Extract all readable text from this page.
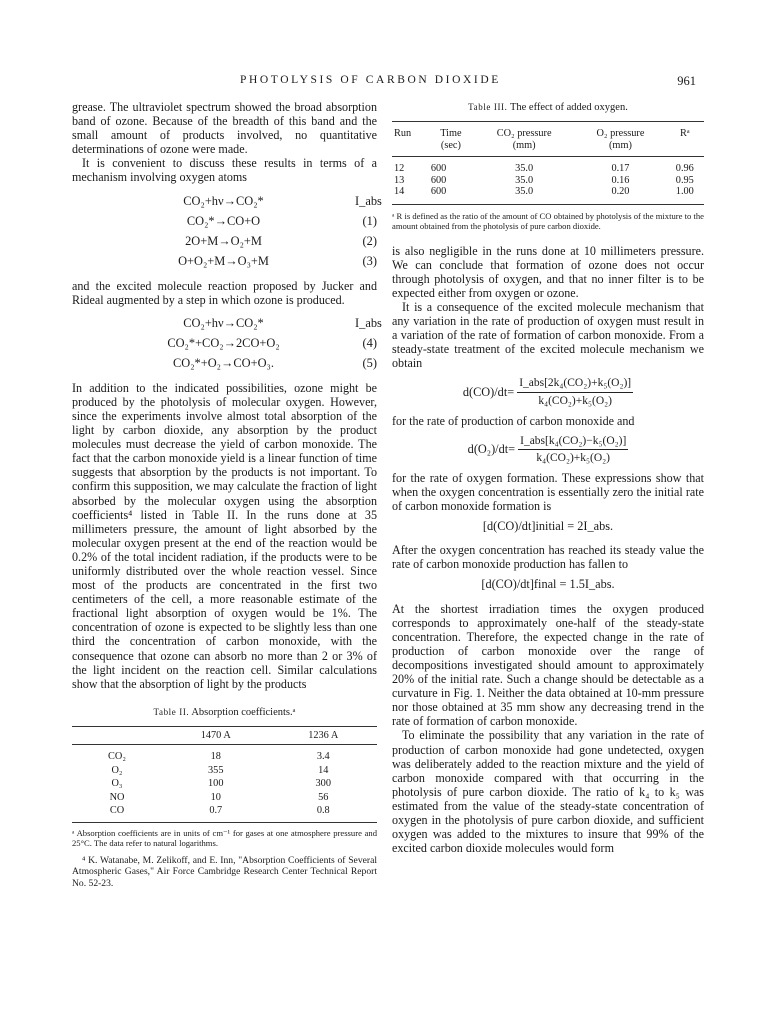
PHOTOLYSIS OF CARBON DIOXIDE	961

grease. The ultraviolet spectrum showed the broad absorption band of ozone. Because of the breadth of this band and the small amount of products involved, no quantitative determinations of ozone were made.

It is convenient to discuss these results in terms of a mechanism involving oxygen atoms

CO₂+hν→CO₂*	I_abs
CO₂*→CO+O	(1)
2O+M→O₂+M	(2)
O+O₂+M→O₃+M	(3)

and the excited molecule reaction proposed by Jucker and Rideal augmented by a step in which ozone is produced.

CO₂+hν→CO₂*	I_abs
CO₂*+CO₂→2CO+O₂	(4)
CO₂*+O₂→CO+O₃.	(5)

In addition to the indicated possibilities, ozone might be produced by the photolysis of molecular oxygen. However, since the experiments involve almost total absorption of the light by carbon dioxide, any absorption by the product molecules must decrease the yield of carbon monoxide. The fact that the carbon monoxide yield is a linear function of time suggests that absorption by the products is not important. To confirm this supposition, we may calculate the fraction of light absorbed by the molecular oxygen using the absorption coefficients⁴ listed in Table II. In the runs done at 35 millimeters pressure, the amount of light absorbed by the molecular oxygen present at the end of the reaction would be 0.2% of the total incident radiation, if the products were to be uniformly distributed over the whole reaction vessel. Since most of the products are concentrated in the first two centimeters of the cell, a more reasonable estimate of the fractional light absorption of oxygen would be 1%. The concentration of ozone is expected to be slightly less than one third the concentration of carbon monoxide, with the consequence that ozone can absorb no more than 2 or 3% of the light incident on the reaction cell. Similar calculations show that the absorption of light by the products

Table II. Absorption coefficients.ᵃ
	1470 A	1236 A
CO₂	18	3.4
O₂	355	14
O₃	100	300
NO	10	56
CO	0.7	0.8

ᵃ Absorption coefficients are in units of cm⁻¹ for gases at one atmosphere pressure and 25°C. The data refer to natural logarithms.

⁴ K. Watanabe, M. Zelikoff, and E. Inn, "Absorption Coefficients of Several Atmospheric Gases," Air Force Cambridge Research Center Technical Report No. 52-23.

Table III. The effect of added oxygen.
Run	Time	CO₂ pressure	O₂ pressure	Rᵃ
	(sec)	(mm)	(mm)	
12	600	35.0	0.17	0.96
13	600	35.0	0.16	0.95
14	600	35.0	0.20	1.00

ᵃ R is defined as the ratio of the amount of CO obtained by photolysis of the mixture to the amount obtained from the photolysis of pure carbon dioxide.

is also negligible in the runs done at 10 millimeters pressure. We can conclude that formation of ozone does not occur through photolysis of oxygen, and that no inner filter is to be expected either from oxygen or ozone.

It is a consequence of the excited molecule mechanism that any variation in the rate of production of oxygen must result in a variation of the rate of formation of carbon monoxide. From a steady-state treatment of the excited molecule mechanism we obtain

$d(CO)/dt= \frac{\text{I\_abs[2k₄(CO₂)+k₅(O₂)]}}{\text{k₄(CO₂)+k₅(O₂)}}$

for the rate of production of carbon monoxide and

$d(O_2)/dt= \frac{\text{I\_abs[k₄(CO₂)−k₅(O₂)]}}{\text{k₄(CO₂)+k₅(O₂)}}$

for the rate of oxygen formation. These expressions show that when the oxygen concentration is essentially zero the initial rate of carbon monoxide formation is

[d(CO)/dt]initial = 2I_abs.

After the oxygen concentration has reached its steady value the rate of carbon monoxide production has fallen to

[d(CO)/dt]final = 1.5I_abs.

At the shortest irradiation times the oxygen produced corresponds to approximately one-half of the steady-state concentration. Therefore, the expected change in the rate of production of carbon monoxide over the range of decompositions investigated should amount to approximately 20% of the initial rate. Such a change should be detectable as a curvature in Fig. 1. Neither the data obtained at 10-mm pressure nor those obtained at 35 mm show any decreasing trend in the rate of formation of carbon monoxide.

To eliminate the possibility that any variation in the rate of production of carbon monoxide had gone undetected, oxygen was deliberately added to the reaction mixture and the yield of carbon monoxide compared with that occurring in the photolysis of pure carbon dioxide. The ratio of k₄ to k₅ was estimated from the value of the steady-state concentration of oxygen in the photolysis of pure carbon dioxide, and sufficient oxygen was added to the mixtures to insure that 99% of the excited carbon dioxide molecules would form
